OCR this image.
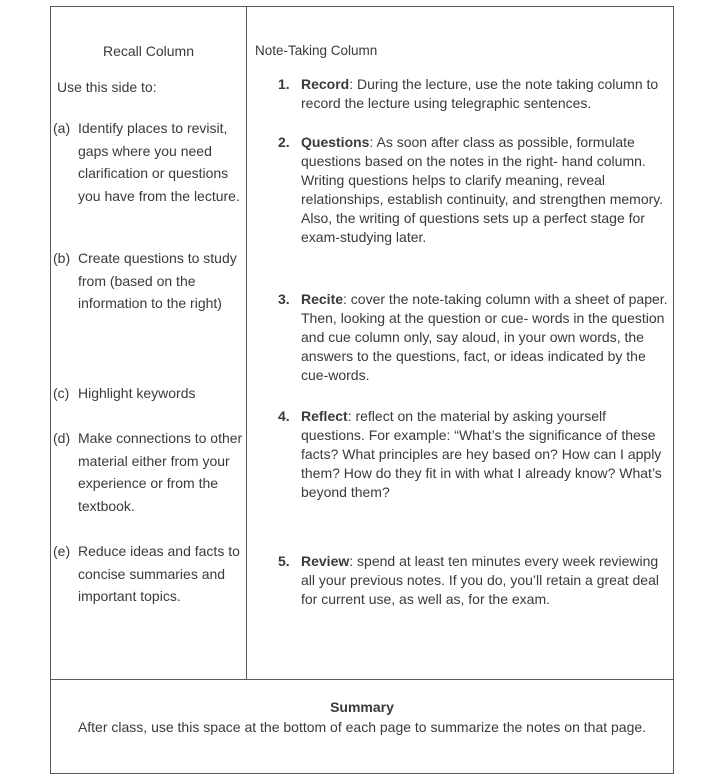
Recall Column
Use this side to:
(a) Identify places to revisit, gaps where you need clarification or questions you have from the lecture.
(b) Create questions to study from (based on the information to the right)
(c) Highlight keywords
(d) Make connections to other material either from your experience or from the textbook.
(e) Reduce ideas and facts to concise summaries and important topics.
Note-Taking Column
1. Record: During the lecture, use the note taking column to record the lecture using telegraphic sentences.
2. Questions: As soon after class as possible, formulate questions based on the notes in the right- hand column. Writing questions helps to clarify meaning, reveal relationships, establish continuity, and strengthen memory. Also, the writing of questions sets up a perfect stage for exam-studying later.
3. Recite: cover the note-taking column with a sheet of paper. Then, looking at the question or cue- words in the question and cue column only, say aloud, in your own words, the answers to the questions, fact, or ideas indicated by the cue-words.
4. Reflect: reflect on the material by asking yourself questions. For example: “What’s the significance of these facts? What principles are hey based on? How can I apply them? How do they fit in with what I already know? What’s beyond them?
5. Review: spend at least ten minutes every week reviewing all your previous notes. If you do, you’ll retain a great deal for current use, as well as, for the exam.
Summary
After class, use this space at the bottom of each page to summarize the notes on that page.
